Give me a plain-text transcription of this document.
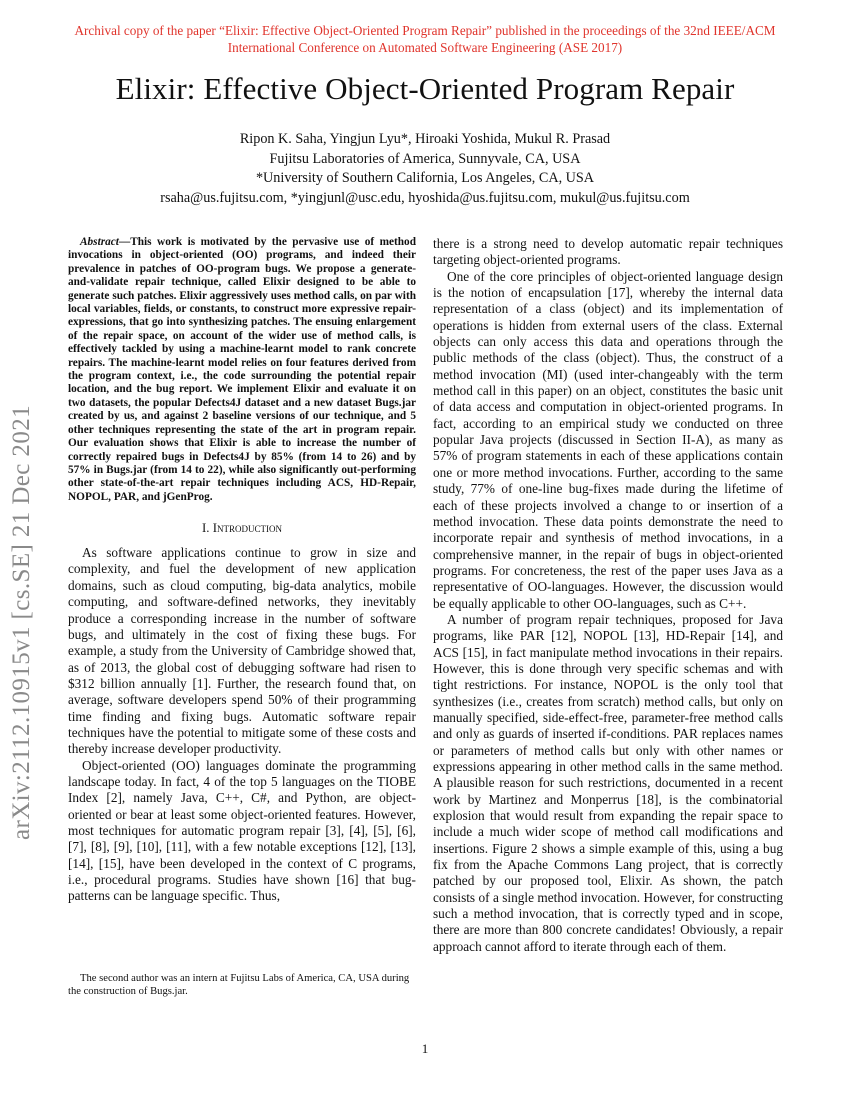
Archival copy of the paper “Elixir: Effective Object-Oriented Program Repair” published in the proceedings of the 32nd IEEE/ACM International Conference on Automated Software Engineering (ASE 2017)
Elixir: Effective Object-Oriented Program Repair
Ripon K. Saha, Yingjun Lyu*, Hiroaki Yoshida, Mukul R. Prasad
Fujitsu Laboratories of America, Sunnyvale, CA, USA
*University of Southern California, Los Angeles, CA, USA
rsaha@us.fujitsu.com, *yingjunl@usc.edu, hyoshida@us.fujitsu.com, mukul@us.fujitsu.com
arXiv:2112.10915v1 [cs.SE] 21 Dec 2021

Abstract—This work is motivated by the pervasive use of method invocations in object-oriented (OO) programs, and indeed their prevalence in patches of OO-program bugs. We propose a generate-and-validate repair technique, called Elixir designed to be able to generate such patches. Elixir aggressively uses method calls, on par with local variables, fields, or constants, to construct more expressive repair-expressions, that go into synthesizing patches. The ensuing enlargement of the repair space, on account of the wider use of method calls, is effectively tackled by using a machine-learnt model to rank concrete repairs. The machine-learnt model relies on four features derived from the program context, i.e., the code surrounding the potential repair location, and the bug report. We implement Elixir and evaluate it on two datasets, the popular Defects4J dataset and a new dataset Bugs.jar created by us, and against 2 baseline versions of our technique, and 5 other techniques representing the state of the art in program repair. Our evaluation shows that Elixir is able to increase the number of correctly repaired bugs in Defects4J by 85% (from 14 to 26) and by 57% in Bugs.jar (from 14 to 22), while also significantly out-performing other state-of-the-art repair techniques including ACS, HD-Repair, NOPOL, PAR, and jGenProg.

I. Introduction

As software applications continue to grow in size and complexity, and fuel the development of new application domains, such as cloud computing, big-data analytics, mobile computing, and software-defined networks, they inevitably produce a corresponding increase in the number of software bugs, and ultimately in the cost of fixing these bugs. For example, a study from the University of Cambridge showed that, as of 2013, the global cost of debugging software had risen to $312 billion annually [1]. Further, the research found that, on average, software developers spend 50% of their programming time finding and fixing bugs. Automatic software repair techniques have the potential to mitigate some of these costs and thereby increase developer productivity.

Object-oriented (OO) languages dominate the programming landscape today. In fact, 4 of the top 5 languages on the TIOBE Index [2], namely Java, C++, C#, and Python, are object-oriented or bear at least some object-oriented features. However, most techniques for automatic program repair [3], [4], [5], [6], [7], [8], [9], [10], [11], with a few notable exceptions [12], [13], [14], [15], have been developed in the context of C programs, i.e., procedural programs. Studies have shown [16] that bug-patterns can be language specific. Thus,

there is a strong need to develop automatic repair techniques targeting object-oriented programs.

One of the core principles of object-oriented language design is the notion of encapsulation [17], whereby the internal data representation of a class (object) and its implementation of operations is hidden from external users of the class. External objects can only access this data and operations through the public methods of the class (object). Thus, the construct of a method invocation (MI) (used inter-changeably with the term method call in this paper) on an object, constitutes the basic unit of data access and computation in object-oriented programs. In fact, according to an empirical study we conducted on three popular Java projects (discussed in Section II-A), as many as 57% of program statements in each of these applications contain one or more method invocations. Further, according to the same study, 77% of one-line bug-fixes made during the lifetime of each of these projects involved a change to or insertion of a method invocation. These data points demonstrate the need to incorporate repair and synthesis of method invocations, in a comprehensive manner, in the repair of bugs in object-oriented programs. For concreteness, the rest of the paper uses Java as a representative of OO-languages. However, the discussion would be equally applicable to other OO-languages, such as C++.

A number of program repair techniques, proposed for Java programs, like PAR [12], NOPOL [13], HD-Repair [14], and ACS [15], in fact manipulate method invocations in their repairs. However, this is done through very specific schemas and with tight restrictions. For instance, NOPOL is the only tool that synthesizes (i.e., creates from scratch) method calls, but only on manually specified, side-effect-free, parameter-free method calls and only as guards of inserted if-conditions. PAR replaces names or parameters of method calls but only with other names or expressions appearing in other method calls in the same method. A plausible reason for such restrictions, documented in a recent work by Martinez and Monperrus [18], is the combinatorial explosion that would result from expanding the repair space to include a much wider scope of method call modifications and insertions. Figure 2 shows a simple example of this, using a bug fix from the Apache Commons Lang project, that is correctly patched by our proposed tool, Elixir. As shown, the patch consists of a single method invocation. However, for constructing such a method invocation, that is correctly typed and in scope, there are more than 800 concrete candidates! Obviously, a repair approach cannot afford to iterate through each of them.

The second author was an intern at Fujitsu Labs of America, CA, USA during the construction of Bugs.jar.
1
